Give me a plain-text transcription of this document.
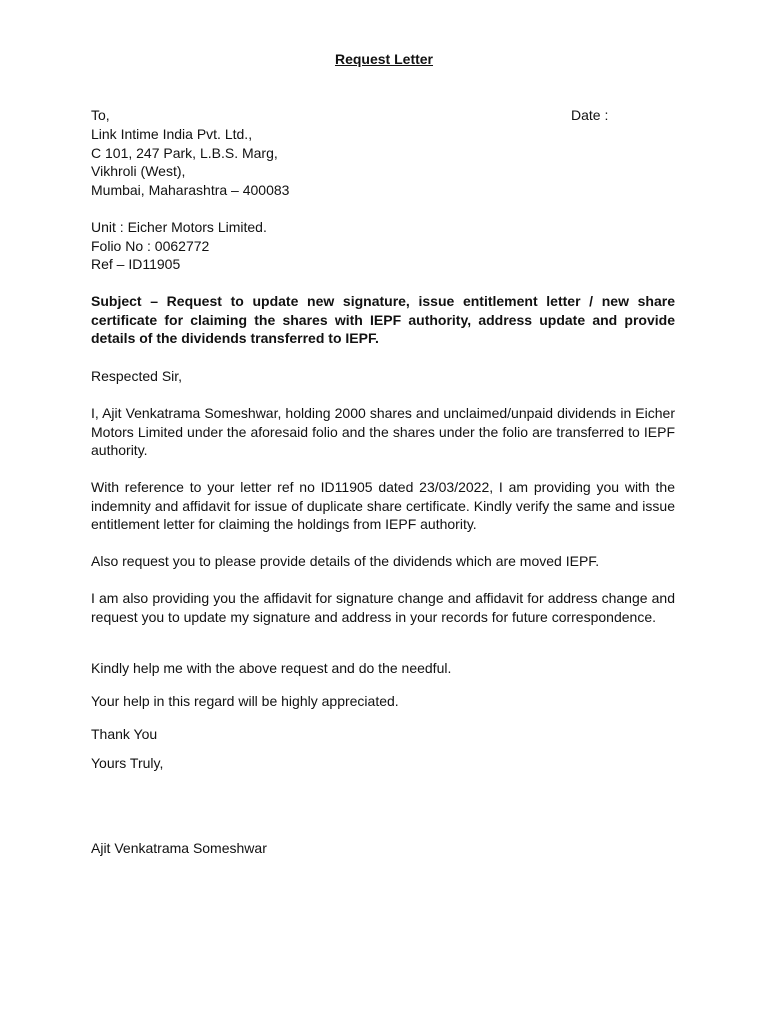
Request Letter
To,	Date :
Link Intime India Pvt. Ltd.,
C 101, 247 Park, L.B.S. Marg,
Vikhroli (West),
Mumbai, Maharashtra – 400083
Unit : Eicher Motors Limited.
Folio No : 0062772
Ref – ID11905
Subject – Request to update new signature, issue entitlement letter / new share certificate for claiming the shares with IEPF authority, address update and provide details of the dividends transferred to IEPF.
Respected Sir,
I, Ajit Venkatrama Someshwar, holding 2000 shares and unclaimed/unpaid dividends in Eicher Motors Limited under the aforesaid folio and the shares under the folio are transferred to IEPF authority.
With reference to your letter ref no ID11905 dated 23/03/2022, I am providing you with the indemnity and affidavit for issue of duplicate share certificate. Kindly verify the same and issue entitlement letter for claiming the holdings from IEPF authority.
Also request you to please provide details of the dividends which are moved IEPF.
I am also providing you the affidavit for signature change and affidavit for address change and request you to update my signature and address in your records for future correspondence.
Kindly help me with the above request and do the needful.
Your help in this regard will be highly appreciated.
Thank You
Yours Truly,
Ajit Venkatrama Someshwar
